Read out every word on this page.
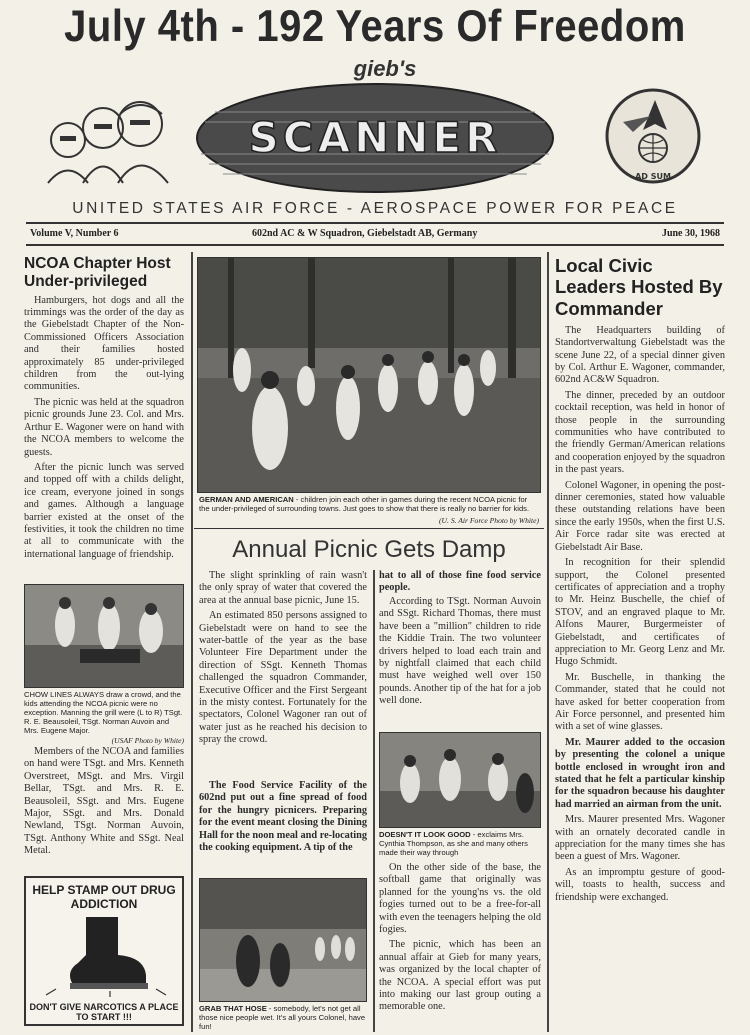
July 4th - 192 Years Of Freedom
gieb's
SCANNER
AD SUM
UNITED STATES AIR FORCE - AEROSPACE POWER FOR PEACE
Volume V, Number 6	602nd AC & W Squadron, Giebelstadt AB, Germany	June 30, 1968
NCOA Chapter Host Under-privileged

Hamburgers, hot dogs and all the trimmings was the order of the day as the Giebelstadt Chapter of the Non-Commissioned Officers Association and their families hosted approximately 85 under-privileged children from the out-lying communities.

The picnic was held at the squadron picnic grounds June 23. Col. and Mrs. Arthur E. Wagoner were on hand with the NCOA members to welcome the guests.

After the picnic lunch was served and topped off with a childs delight, ice cream, everyone joined in songs and games. Although a language barrier existed at the onset of the festivities, it took the children no time at all to communicate with the international language of friendship.

CHOW LINES ALWAYS draw a crowd, and the kids attending the NCOA picnic were no exception. Manning the grill were (L to R) TSgt. R. E. Beausoleil, TSgt. Norman Auvoin and Mrs. Eugene Major.
(USAF Photo by White)

Members of the NCOA and families on hand were TSgt. and Mrs. Kenneth Overstreet, MSgt. and Mrs. Virgil Bellar, TSgt. and Mrs. R. E. Beausoleil, SSgt. and Mrs. Eugene Major, SSgt. and Mrs. Donald Newland, TSgt. Norman Auvoin, TSgt. Anthony White and SSgt. Neal Metal.

HELP STAMP OUT DRUG ADDICTION
DON'T GIVE NARCOTICS A PLACE TO START !!!
GERMAN AND AMERICAN - children join each other in games during the recent NCOA picnic for the under-privileged of surrounding towns. Just goes to show that there is really no barrier for kids.
(U. S. Air Force Photo by White)
Annual Picnic Gets Damp

The slight sprinkling of rain wasn't the only spray of water that covered the area at the annual base picnic, June 15.

An estimated 850 persons assigned to Giebelstadt were on hand to see the water-battle of the year as the base Volunteer Fire Department under the direction of SSgt. Kenneth Thomas challenged the squadron Commander, Executive Officer and the First Sergeant in the misty contest. Fortunately for the spectators, Colonel Wagoner ran out of water just as he reached his decision to spray the crowd.

The Food Service Facility of the 602nd put out a fine spread of food for the hungry picnicers. Preparing for the event meant closing the Dining Hall for the noon meal and re-locating the cooking equipment. A tip of the

GRAB THAT HOSE - somebody, let's not get all those nice people wet. It's all yours Colonel, have fun!

hat to all of those fine food service people.

According to TSgt. Norman Auvoin and SSgt. Richard Thomas, there must have been a "million" children to ride the Kiddie Train. The two volunteer drivers helped to load each train and by nightfall claimed that each child must have weighed well over 150 pounds. Another tip of the hat for a job well done.

DOESN'T IT LOOK GOOD - exclaims Mrs. Cynthia Thompson, as she and many others made their way through

On the other side of the base, the softball game that originally was planned for the young'ns vs. the old fogies turned out to be a free-for-all with even the teenagers helping the old fogies.

The picnic, which has been an annual affair at Gieb for many years, was organized by the local chapter of the NCOA. A special effort was put into making our last group outing a memorable one.

Local Civic Leaders Hosted By Commander

The Headquarters building of Standortverwaltung Giebelstadt was the scene June 22, of a special dinner given by Col. Arthur E. Wagoner, commander, 602nd AC&W Squadron.

The dinner, preceded by an outdoor cocktail reception, was held in honor of those people in the surrounding communities who have contributed to the friendly German/American relations and cooperation enjoyed by the squadron in the past years.

Colonel Wagoner, in opening the post-dinner ceremonies, stated how valuable these outstanding relations have been since the early 1950s, when the first U.S. Air Force radar site was erected at Giebelstadt Air Base.

In recognition for their splendid support, the Colonel presented certificates of appreciation and a trophy to Mr. Heinz Buschelle, the chief of STOV, and an engraved plaque to Mr. Alfons Maurer, Burgermeister of Giebelstadt, and certificates of appreciation to Mr. Georg Lenz and Mr. Hugo Schmidt.

Mr. Buschelle, in thanking the Commander, stated that he could not have asked for better cooperation from Air Force personnel, and presented him with a set of wine glasses.

Mr. Maurer added to the occasion by presenting the colonel a unique bottle enclosed in wrought iron and stated that he felt a particular kinship for the squadron because his daughter had married an airman from the unit.

Mrs. Maurer presented Mrs. Wagoner with an ornately decorated candle in appreciation for the many times she has been a guest of Mrs. Wagoner.

As an impromptu gesture of good-will, toasts to health, success and friendship were exchanged.
